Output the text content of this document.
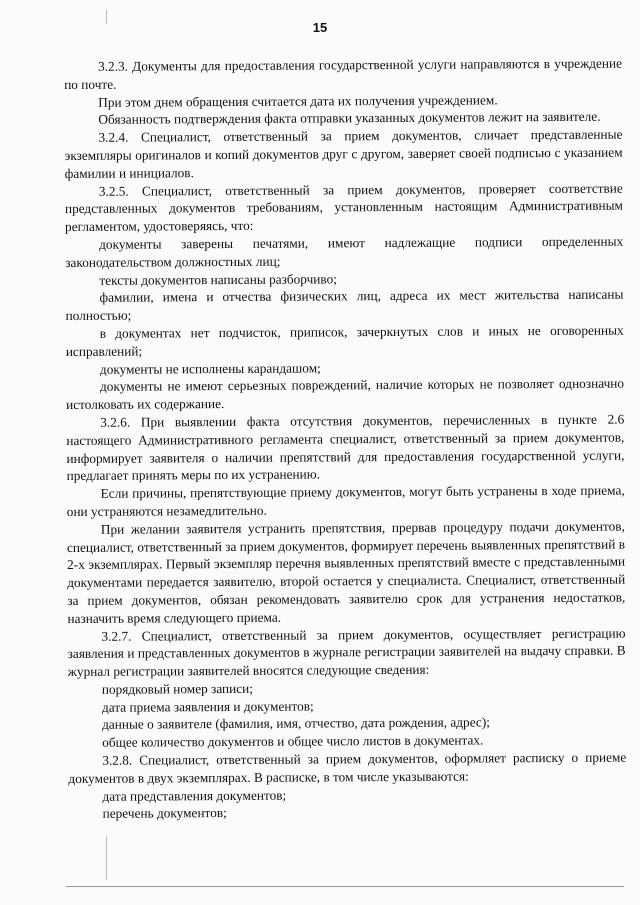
15

3.2.3. Документы для предоставления государственной услуги направляются в учреждение по почте.

При этом днем обращения считается дата их получения учреждением.

Обязанность подтверждения факта отправки указанных документов лежит на заявителе.

3.2.4. Специалист, ответственный за прием документов, сличает представленные экземпляры оригиналов и копий документов друг с другом, заверяет своей подписью с указанием фамилии и инициалов.

3.2.5. Специалист, ответственный за прием документов, проверяет соответствие представленных документов требованиям, установленным настоящим Административным регламентом, удостоверяясь, что:

документы заверены печатями, имеют надлежащие подписи определенных законодательством должностных лиц;

тексты документов написаны разборчиво;

фамилии, имена и отчества физических лиц, адреса их мест жительства написаны полностью;

в документах нет подчисток, приписок, зачеркнутых слов и иных не оговоренных исправлений;

документы не исполнены карандашом;

документы не имеют серьезных повреждений, наличие которых не позволяет однозначно истолковать их содержание.

3.2.6. При выявлении факта отсутствия документов, перечисленных в пункте 2.6 настоящего Административного регламента специалист, ответственный за прием документов, информирует заявителя о наличии препятствий для предоставления государственной услуги, предлагает принять меры по их устранению.

Если причины, препятствующие приему документов, могут быть устранены в ходе приема, они устраняются незамедлительно.

При желании заявителя устранить препятствия, прервав процедуру подачи документов, специалист, ответственный за прием документов, формирует перечень выявленных препятствий в 2-х экземплярах. Первый экземпляр перечня выявленных препятствий вместе с представленными документами передается заявителю, второй остается у специалиста. Специалист, ответственный за прием документов, обязан рекомендовать заявителю срок для устранения недостатков, назначить время следующего приема.

3.2.7. Специалист, ответственный за прием документов, осуществляет регистрацию заявления и представленных документов в журнале регистрации заявителей на выдачу справки. В журнал регистрации заявителей вносятся следующие сведения:

порядковый номер записи;

дата приема заявления и документов;

данные о заявителе (фамилия, имя, отчество, дата рождения, адрес);

общее количество документов и общее число листов в документах.

3.2.8. Специалист, ответственный за прием документов, оформляет расписку о приеме документов в двух экземплярах. В расписке, в том числе указываются:

дата представления документов;

перечень документов;
